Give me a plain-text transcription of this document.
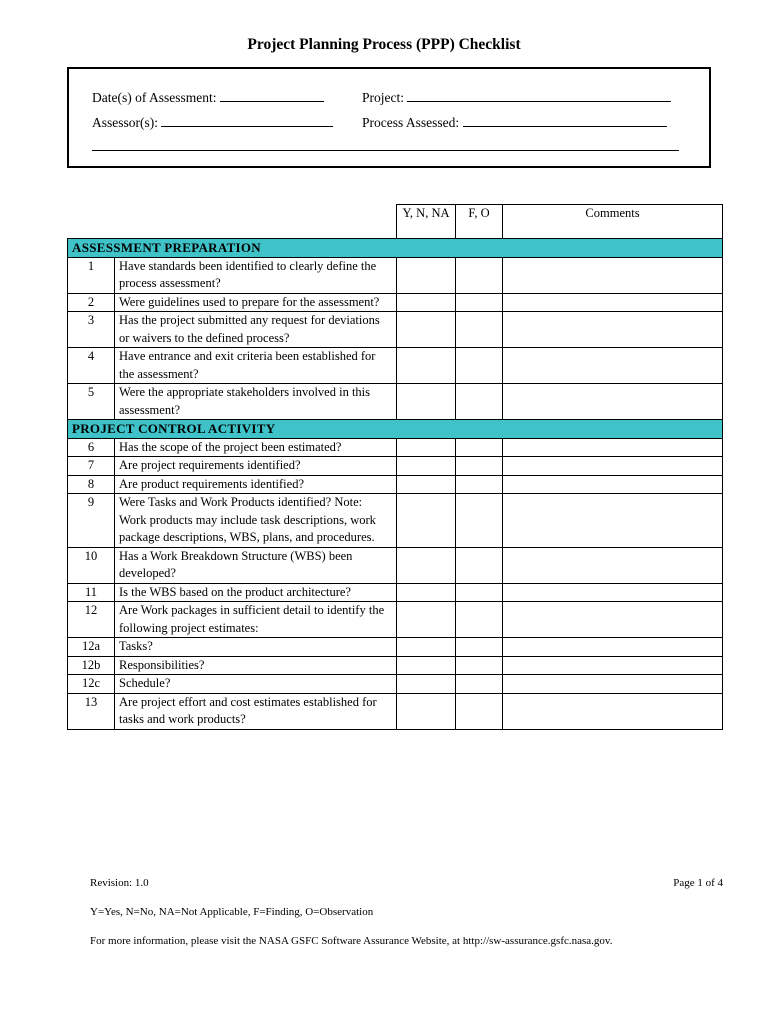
Project Planning Process (PPP) Checklist
Date(s) of Assessment:	Project:
Assessor(s):	Process Assessed:
		Y, N, NA	F, O	Comments
ASSESSMENT PREPARATION				
1	Have standards been identified to clearly define the process assessment?			
2	Were guidelines used to prepare for the assessment?			
3	Has the project submitted any request for deviations or waivers to the defined process?			
4	Have entrance and exit criteria been established for the assessment?			
5	Were the appropriate stakeholders involved in this assessment?			
PROJECT CONTROL ACTIVITY				
6	Has the scope of the project been estimated?			
7	Are project requirements identified?			
8	Are product requirements identified?			
9	Were Tasks and Work Products identified? Note: Work products may include task descriptions, work package descriptions, WBS, plans, and procedures.			
10	Has a Work Breakdown Structure (WBS) been developed?			
11	Is the WBS based on the product architecture?			
12	Are Work packages in sufficient detail to identify the following project estimates:			
12a	Tasks?			
12b	Responsibilities?			
12c	Schedule?			
13	Are project effort and cost estimates established for tasks and work products?			
Revision: 1.0	Page 1 of 4
Y=Yes, N=No, NA=Not Applicable, F=Finding, O=Observation
For more information, please visit the NASA GSFC Software Assurance Website, at http://sw-assurance.gsfc.nasa.gov.
